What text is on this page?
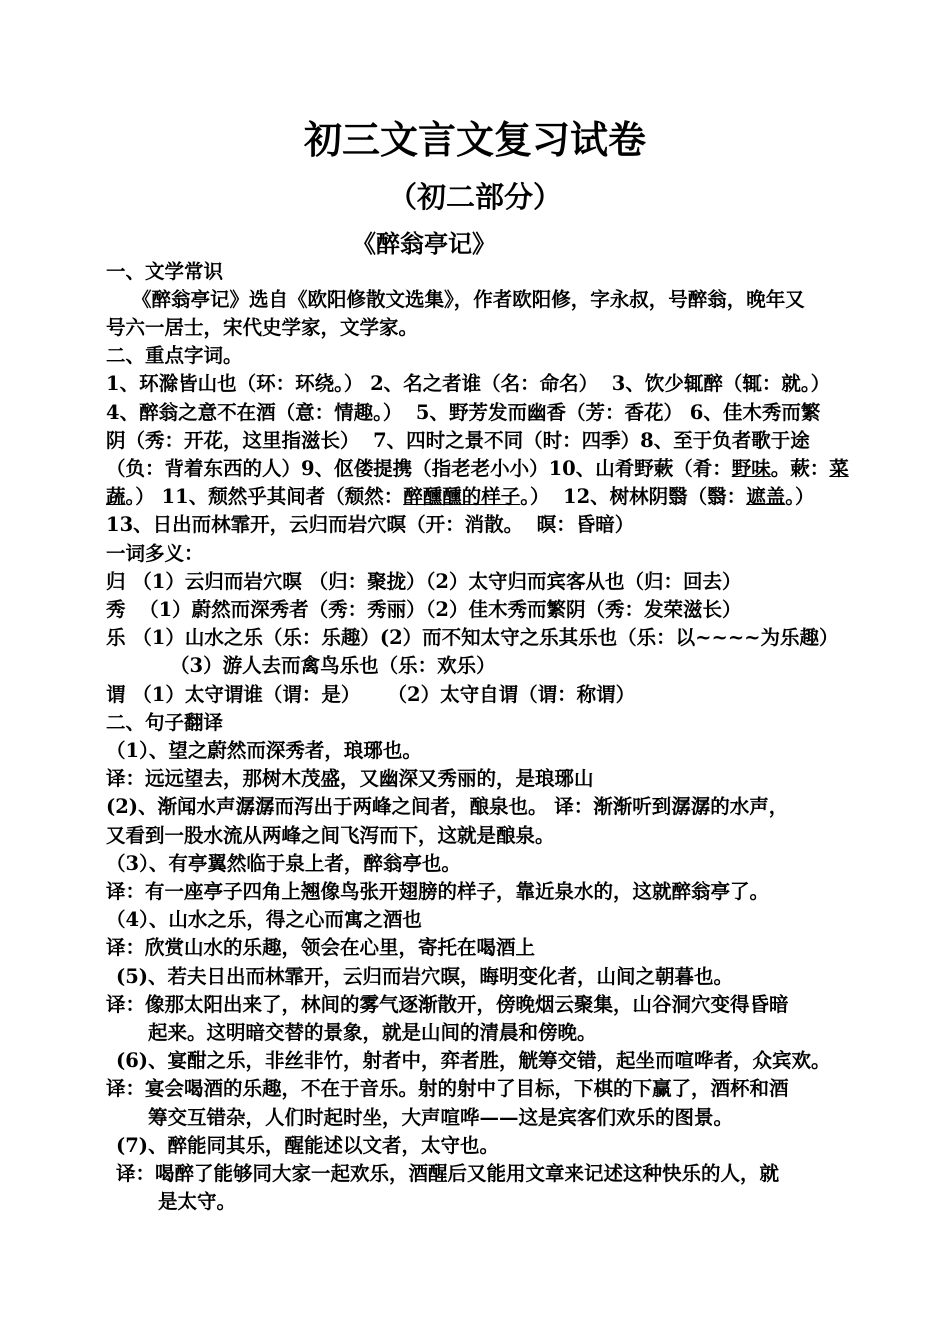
初三文言文复习试卷
（初二部分）
《醉翁亭记》
一、文学常识
《醉翁亭记》选自《欧阳修散文选集》，作者欧阳修，字永叔，号醉翁，晚年又
号六一居士，宋代史学家，文学家。
二、重点字词。
1、环滁皆山也（环：环绕。） 2、名之者谁（名：命名）  3、饮少辄醉（辄：就。）
4、醉翁之意不在酒（意：情趣。）  5、野芳发而幽香（芳：香花） 6、佳木秀而繁
阴（秀：开花，这里指滋长）  7、四时之景不同（时：四季）8、至于负者歌于途
（负：背着东西的人）9、伛偻提携（指老老小小）10、山肴野蔌（肴：野味。蔌：菜
蔬。） 11、颓然乎其间者（颓然：醉醺醺的样子。）  12、树林阴翳（翳：遮盖。）
13、日出而林霏开，云归而岩穴暝（开：消散。  暝：昏暗）
一词多义：
归 （1）云归而岩穴暝 （归：聚拢）（2）太守归而宾客从也（归：回去）
秀  （1）蔚然而深秀者（秀：秀丽）（2）佳木秀而繁阴（秀：发荣滋长）
乐 （1）山水之乐（乐：乐趣）(2）而不知太守之乐其乐也（乐：以~~~~为乐趣）
（3）游人去而禽鸟乐也（乐：欢乐）
谓 （1）太守谓谁（谓：是）    （2）太守自谓（谓：称谓）
二、句子翻译
（1）、望之蔚然而深秀者，琅琊也。
译：远远望去，那树木茂盛，又幽深又秀丽的，是琅琊山
(2)、渐闻水声潺潺而泻出于两峰之间者，酿泉也。 译：渐渐听到潺潺的水声，
又看到一股水流从两峰之间飞泻而下，这就是酿泉。
（3）、有亭翼然临于泉上者，醉翁亭也。
译：有一座亭子四角上翘像鸟张开翅膀的样子，靠近泉水的，这就醉翁亭了。
（4）、山水之乐，得之心而寓之酒也
译：欣赏山水的乐趣，领会在心里，寄托在喝酒上
(5)、若夫日出而林霏开，云归而岩穴暝，晦明变化者，山间之朝暮也。
译：像那太阳出来了，林间的雾气逐渐散开，傍晚烟云聚集，山谷洞穴变得昏暗
起来。这明暗交替的景象，就是山间的清晨和傍晚。
(6)、宴酣之乐，非丝非竹，射者中，弈者胜，觥筹交错，起坐而喧哗者，众宾欢。
译：宴会喝酒的乐趣，不在于音乐。射的射中了目标，下棋的下赢了，酒杯和酒
筹交互错杂，人们时起时坐，大声喧哗——这是宾客们欢乐的图景。
(7)、醉能同其乐，醒能述以文者，太守也。
译：喝醉了能够同大家一起欢乐，酒醒后又能用文章来记述这种快乐的人，就
是太守。
